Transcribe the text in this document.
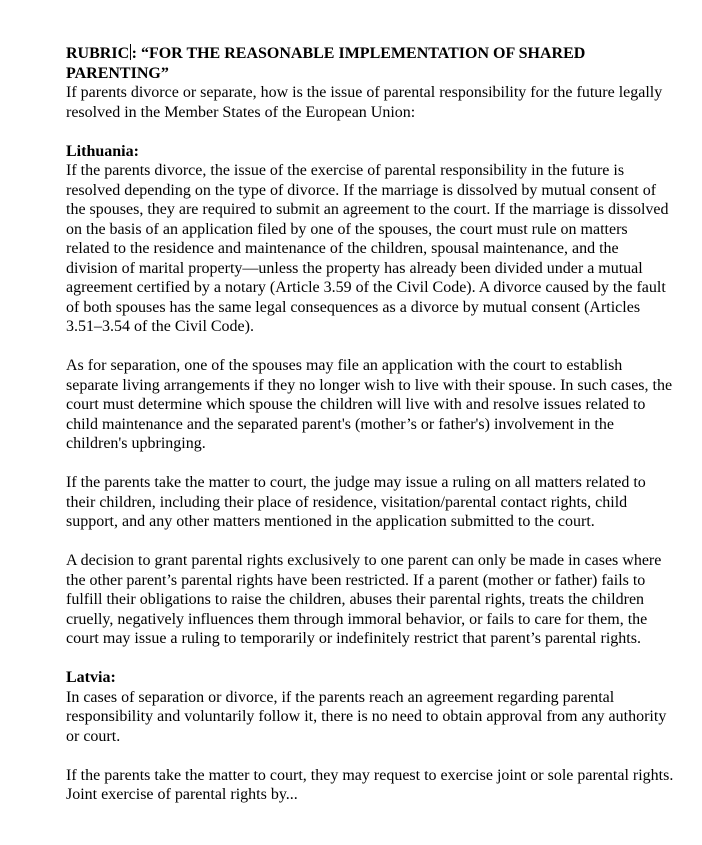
RUBRIC : “FOR THE REASONABLE IMPLEMENTATION OF SHARED PARENTING”

If parents divorce or separate, how is the issue of parental responsibility for the future legally resolved in the Member States of the European Union:

Lithuania:

If the parents divorce, the issue of the exercise of parental responsibility in the future is resolved depending on the type of divorce. If the marriage is dissolved by mutual consent of the spouses, they are required to submit an agreement to the court. If the marriage is dissolved on the basis of an application filed by one of the spouses, the court must rule on matters related to the residence and maintenance of the children, spousal maintenance, and the division of marital property—unless the property has already been divided under a mutual agreement certified by a notary (Article 3.59 of the Civil Code). A divorce caused by the fault of both spouses has the same legal consequences as a divorce by mutual consent (Articles 3.51–3.54 of the Civil Code).

As for separation, one of the spouses may file an application with the court to establish separate living arrangements if they no longer wish to live with their spouse. In such cases, the court must determine which spouse the children will live with and resolve issues related to child maintenance and the separated parent's (mother’s or father's) involvement in the children's upbringing.

If the parents take the matter to court, the judge may issue a ruling on all matters related to their children, including their place of residence, visitation/parental contact rights, child support, and any other matters mentioned in the application submitted to the court.

A decision to grant parental rights exclusively to one parent can only be made in cases where the other parent’s parental rights have been restricted. If a parent (mother or father) fails to fulfill their obligations to raise the children, abuses their parental rights, treats the children cruelly, negatively influences them through immoral behavior, or fails to care for them, the court may issue a ruling to temporarily or indefinitely restrict that parent’s parental rights.

Latvia:

In cases of separation or divorce, if the parents reach an agreement regarding parental responsibility and voluntarily follow it, there is no need to obtain approval from any authority or court.

If the parents take the matter to court, they may request to exercise joint or sole parental rights. Joint exercise of parental rights by...
